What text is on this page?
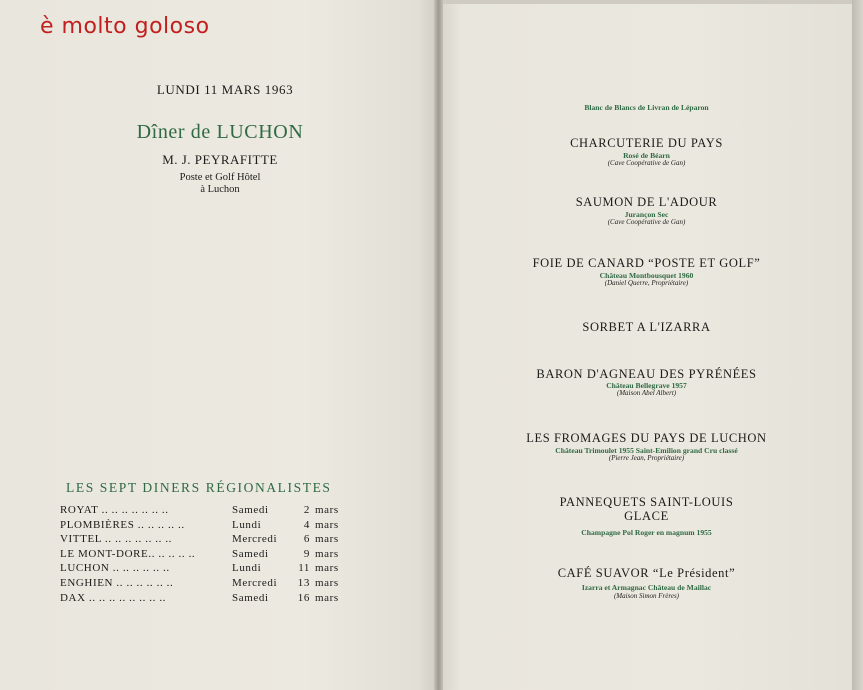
è molto goloso
LUNDI 11 MARS 1963
Dîner de LUCHON
M. J. PEYRAFITTE
Poste et Golf Hôtel
à Luchon
LES SEPT DINERS RÉGIONALISTES
ROYAT .. .. .. .. .. .. ..	Samedi	2 mars
PLOMBIÈRES .. .. .. .. ..	Lundi	4 mars
VITTEL .. .. .. .. .. .. ..	Mercredi	6 mars
LE MONT-DORE.. .. .. .. ..	Samedi	9 mars
LUCHON .. .. .. .. .. ..	Lundi	11 mars
ENGHIEN .. .. .. .. .. ..	Mercredi	13 mars
DAX .. .. .. .. .. .. .. ..	Samedi	16 mars
Blanc de Blancs de Livran de Léparon
CHARCUTERIE DU PAYS
Rosé de Béarn
(Cave Coopérative de Gan)
SAUMON DE L'ADOUR
Jurançon Sec
(Cave Coopérative de Gan)
FOIE DE CANARD “POSTE ET GOLF”
Château Montbousquet 1960
(Daniel Querre, Propriétaire)
SORBET A L'IZARRA
BARON D'AGNEAU DES PYRÉNÉES
Château Bellegrave 1957
(Maison Abel Albert)
LES FROMAGES DU PAYS DE LUCHON
Château Trimoulet 1955 Saint-Emilion grand Cru classé
(Pierre Jean, Propriétaire)
PANNEQUETS SAINT-LOUIS
GLACE
Champagne Pol Roger en magnum 1955
CAFÉ SUAVOR “Le Président”
Izarra et Armagnac Château de Maillac
(Maison Simon Frères)
